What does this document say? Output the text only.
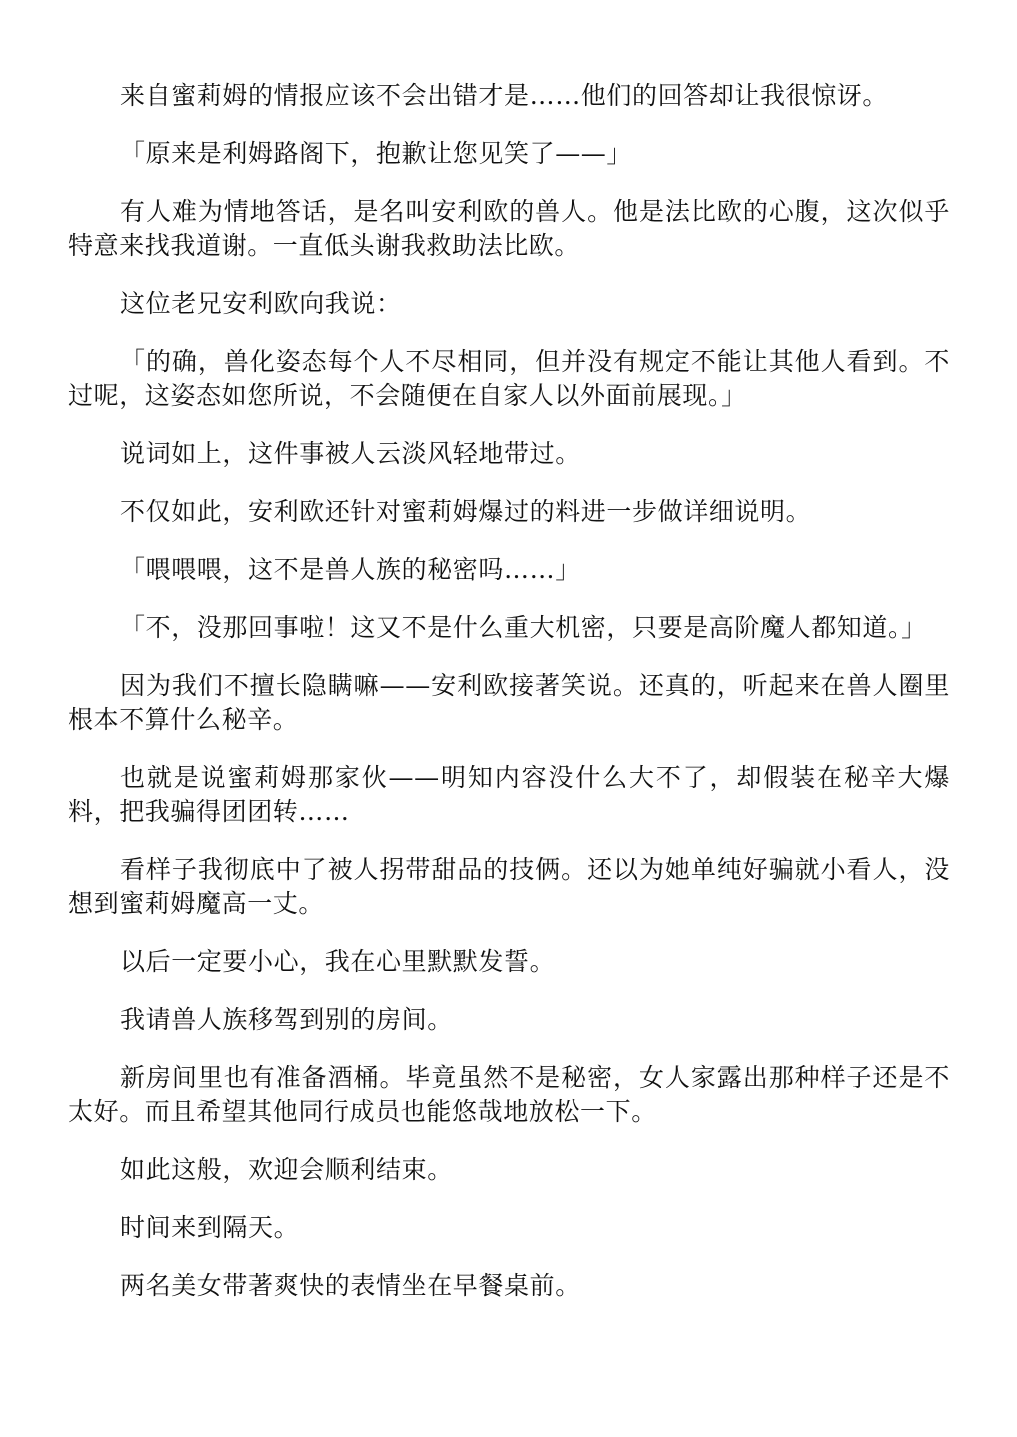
来自蜜莉姆的情报应该不会出错才是……他们的回答却让我很惊讶。

「原来是利姆路阁下，抱歉让您见笑了——」

有人难为情地答话，是名叫安利欧的兽人。他是法比欧的心腹，这次似乎特意来找我道谢。一直低头谢我救助法比欧。

这位老兄安利欧向我说：

「的确，兽化姿态每个人不尽相同，但并没有规定不能让其他人看到。不过呢，这姿态如您所说，不会随便在自家人以外面前展现。」

说词如上，这件事被人云淡风轻地带过。

不仅如此，安利欧还针对蜜莉姆爆过的料进一步做详细说明。

「喂喂喂，这不是兽人族的秘密吗……」

「不，没那回事啦！这又不是什么重大机密，只要是高阶魔人都知道。」

因为我们不擅长隐瞒嘛——安利欧接著笑说。还真的，听起来在兽人圈里根本不算什么秘辛。

也就是说蜜莉姆那家伙——明知内容没什么大不了，却假装在秘辛大爆料，把我骗得团团转……

看样子我彻底中了被人拐带甜品的技俩。还以为她单纯好骗就小看人，没想到蜜莉姆魔高一丈。

以后一定要小心，我在心里默默发誓。

我请兽人族移驾到别的房间。

新房间里也有准备酒桶。毕竟虽然不是秘密，女人家露出那种样子还是不太好。而且希望其他同行成员也能悠哉地放松一下。

如此这般，欢迎会顺利结束。

时间来到隔天。

两名美女带著爽快的表情坐在早餐桌前。
